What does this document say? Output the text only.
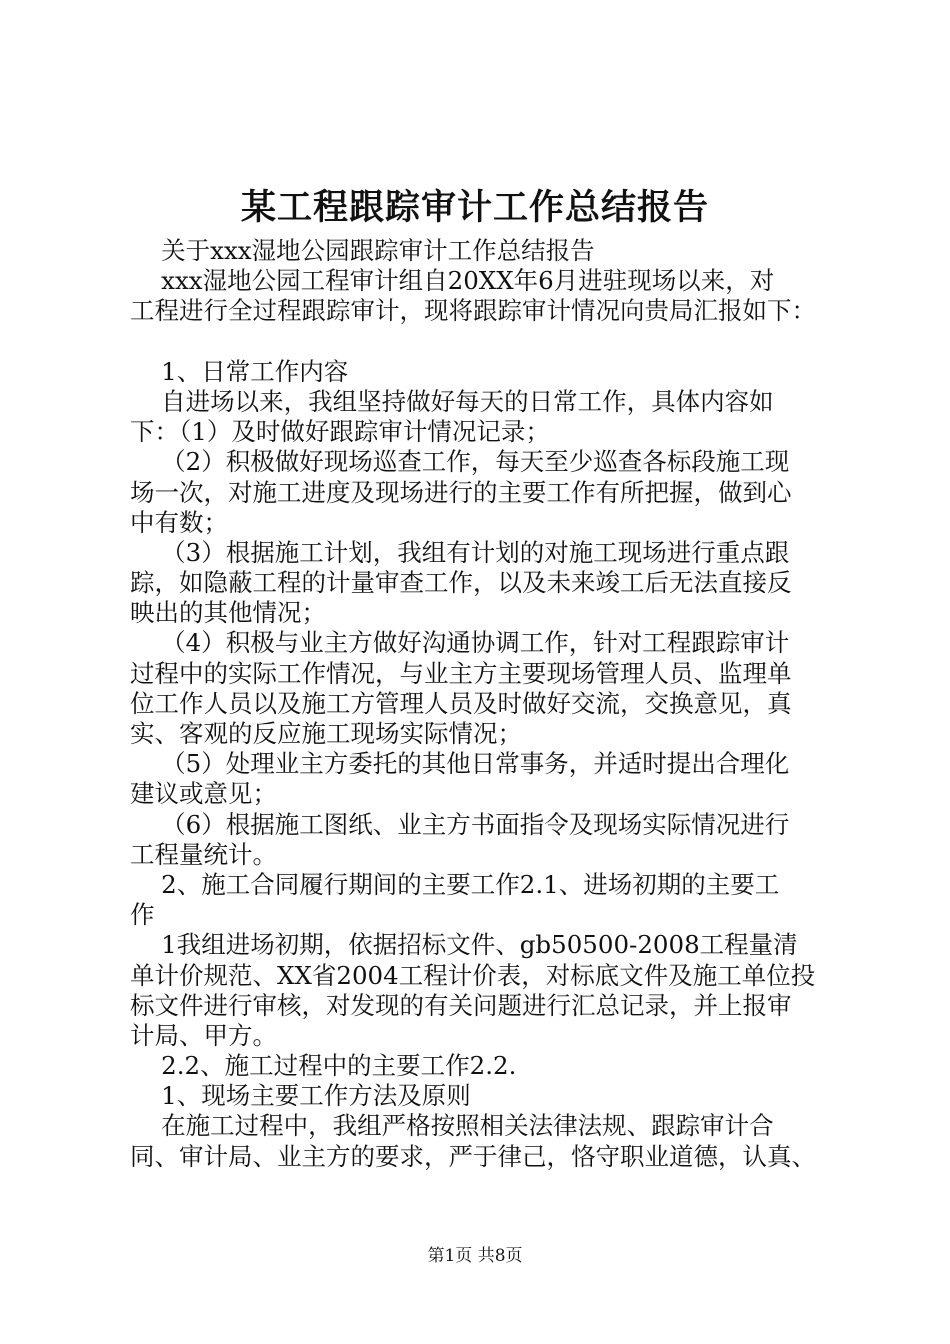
某工程跟踪审计工作总结报告
关于xxx湿地公园跟踪审计工作总结报告
xxx湿地公园工程审计组自20XX年6月进驻现场以来，对
工程进行全过程跟踪审计，现将跟踪审计情况向贵局汇报如下：
1、日常工作内容
自进场以来，我组坚持做好每天的日常工作，具体内容如
下：（1）及时做好跟踪审计情况记录；
（2）积极做好现场巡查工作，每天至少巡查各标段施工现
场一次，对施工进度及现场进行的主要工作有所把握，做到心
中有数；
（3）根据施工计划，我组有计划的对施工现场进行重点跟
踪，如隐蔽工程的计量审查工作，以及未来竣工后无法直接反
映出的其他情况；
（4）积极与业主方做好沟通协调工作，针对工程跟踪审计
过程中的实际工作情况，与业主方主要现场管理人员、监理单
位工作人员以及施工方管理人员及时做好交流，交换意见，真
实、客观的反应施工现场实际情况；
（5）处理业主方委托的其他日常事务，并适时提出合理化
建议或意见；
（6）根据施工图纸、业主方书面指令及现场实际情况进行
工程量统计。
2、施工合同履行期间的主要工作2.1、进场初期的主要工
作
1我组进场初期，依据招标文件、gb50500-2008工程量清
单计价规范、XX省2004工程计价表，对标底文件及施工单位投
标文件进行审核，对发现的有关问题进行汇总记录，并上报审
计局、甲方。
2.2、施工过程中的主要工作2.2.
1、现场主要工作方法及原则
在施工过程中，我组严格按照相关法律法规、跟踪审计合
同、审计局、业主方的要求，严于律己，恪守职业道德，认真、
第1页 共8页
